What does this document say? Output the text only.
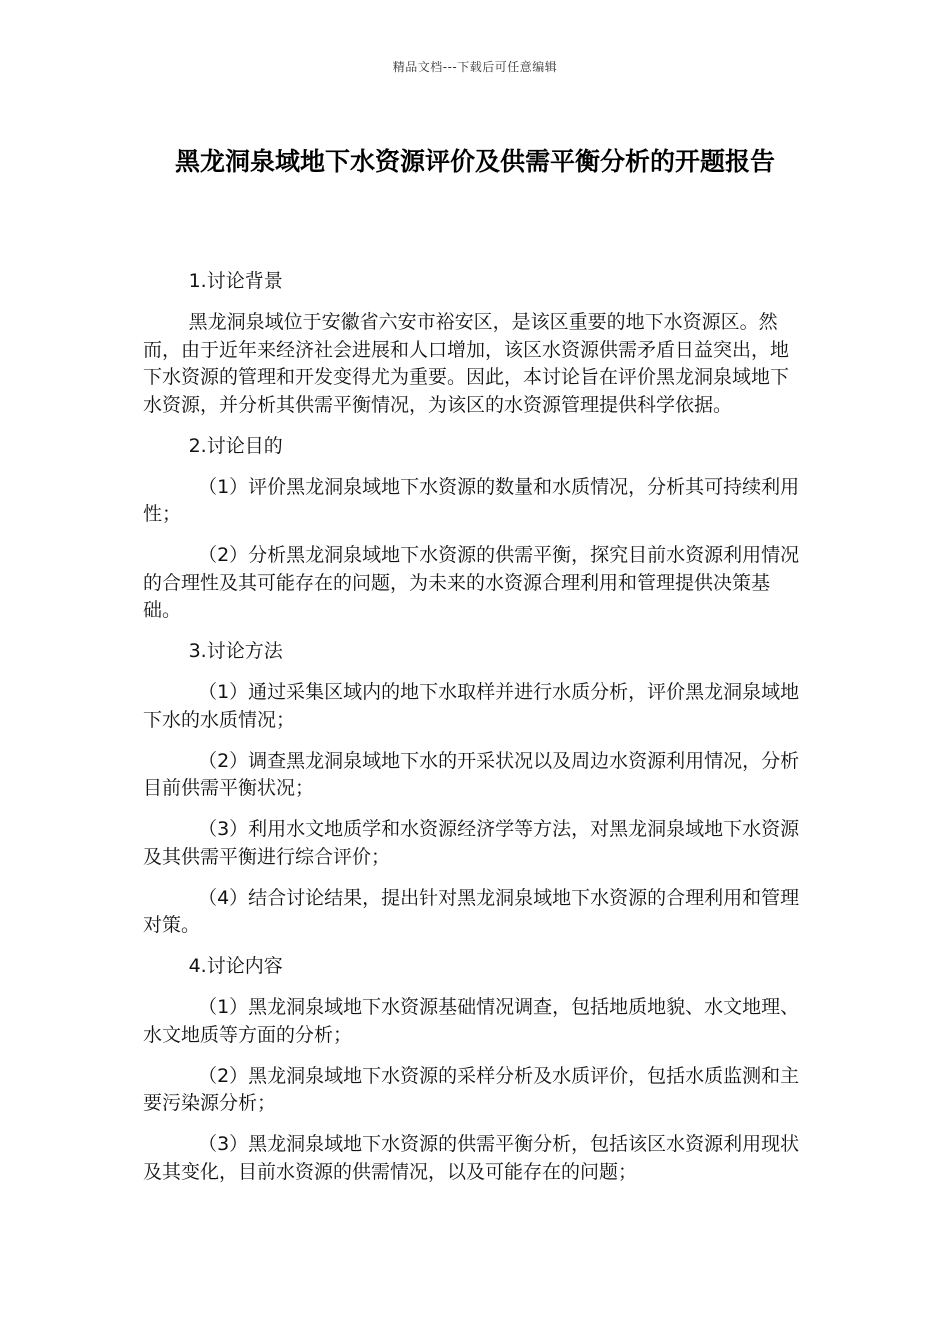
精品文档---下载后可任意编辑
黑龙洞泉域地下水资源评价及供需平衡分析的开题报告

1.讨论背景

黑龙洞泉域位于安徽省六安市裕安区，是该区重要的地下水资源区。然而，由于近年来经济社会进展和人口增加，该区水资源供需矛盾日益突出，地下水资源的管理和开发变得尤为重要。因此，本讨论旨在评价黑龙洞泉域地下水资源，并分析其供需平衡情况，为该区的水资源管理提供科学依据。

2.讨论目的

（1）评价黑龙洞泉域地下水资源的数量和水质情况，分析其可持续利用性；

（2）分析黑龙洞泉域地下水资源的供需平衡，探究目前水资源利用情况的合理性及其可能存在的问题，为未来的水资源合理利用和管理提供决策基础。

3.讨论方法

（1）通过采集区域内的地下水取样并进行水质分析，评价黑龙洞泉域地下水的水质情况；

（2）调查黑龙洞泉域地下水的开采状况以及周边水资源利用情况，分析目前供需平衡状况；

（3）利用水文地质学和水资源经济学等方法，对黑龙洞泉域地下水资源及其供需平衡进行综合评价；

（4）结合讨论结果，提出针对黑龙洞泉域地下水资源的合理利用和管理对策。

4.讨论内容

（1）黑龙洞泉域地下水资源基础情况调查，包括地质地貌、水文地理、水文地质等方面的分析；

（2）黑龙洞泉域地下水资源的采样分析及水质评价，包括水质监测和主要污染源分析；

（3）黑龙洞泉域地下水资源的供需平衡分析，包括该区水资源利用现状及其变化，目前水资源的供需情况，以及可能存在的问题；
